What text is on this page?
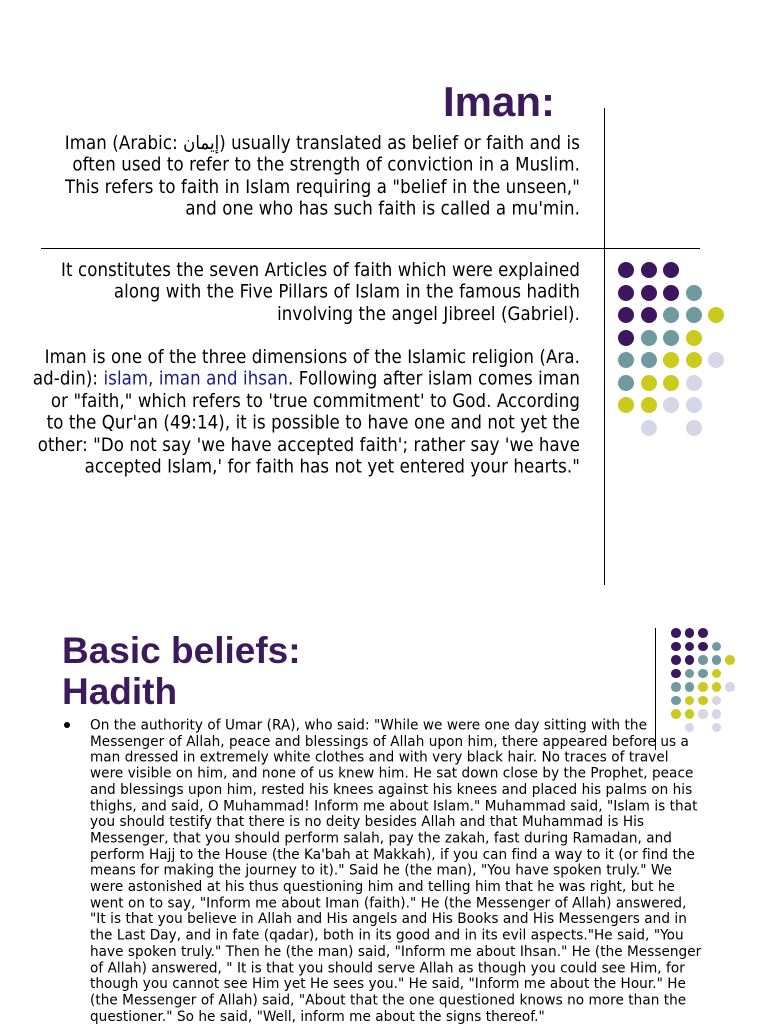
Iman:

Iman (Arabic: إيمان) usually translated as belief or faith and is often used to refer to the strength of conviction in a Muslim. This refers to faith in Islam requiring a "belief in the unseen," and one who has such faith is called a mu'min.

It constitutes the seven Articles of faith which were explained along with the Five Pillars of Islam in the famous hadith involving the angel Jibreel (Gabriel).

Iman is one of the three dimensions of the Islamic religion (Ara. ad-din): islam, iman and ihsan. Following after islam comes iman or "faith," which refers to 'true commitment' to God. According to the Qur'an (49:14), it is possible to have one and not yet the other: "Do not say 'we have accepted faith'; rather say 'we have accepted Islam,' for faith has not yet entered your hearts."

Basic beliefs:
Hadith
On the authority of Umar (RA), who said: "While we were one day sitting with the Messenger of Allah, peace and blessings of Allah upon him, there appeared before us a man dressed in extremely white clothes and with very black hair. No traces of travel were visible on him, and none of us knew him. He sat down close by the Prophet, peace and blessings upon him, rested his knees against his knees and placed his palms on his thighs, and said, O Muhammad! Inform me about Islam." Muhammad said, "Islam is that you should testify that there is no deity besides Allah and that Muhammad is His Messenger, that you should perform salah, pay the zakah, fast during Ramadan, and perform Hajj to the House (the Ka'bah at Makkah), if you can find a way to it (or find the means for making the journey to it)." Said he (the man), "You have spoken truly." We were astonished at his thus questioning him and telling him that he was right, but he went on to say, "Inform me about Iman (faith)." He (the Messenger of Allah) answered, "It is that you believe in Allah and His angels and His Books and His Messengers and in the Last Day, and in fate (qadar), both in its good and in its evil aspects."He said, "You have spoken truly." Then he (the man) said, "Inform me about Ihsan." He (the Messenger of Allah) answered, " It is that you should serve Allah as though you could see Him, for though you cannot see Him yet He sees you." He said, "Inform me about the Hour." He (the Messenger of Allah) said, "About that the one questioned knows no more than the questioner." So he said, "Well, inform me about the signs thereof."
